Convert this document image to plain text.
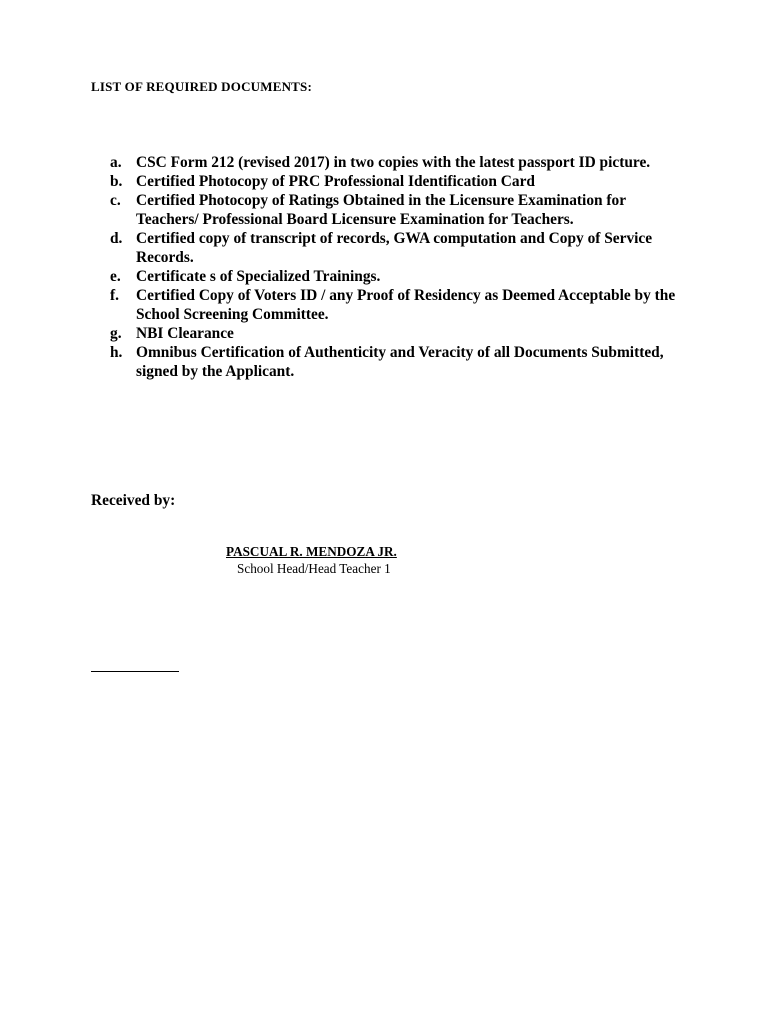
LIST OF REQUIRED DOCUMENTS:
a. CSC Form 212 (revised 2017) in two copies with the latest passport ID picture.
b. Certified Photocopy of PRC Professional Identification Card
c. Certified Photocopy of Ratings Obtained in the Licensure Examination for Teachers/ Professional Board Licensure Examination for Teachers.
d. Certified copy of transcript of records, GWA computation and Copy of Service Records.
e. Certificate s of Specialized Trainings.
f.	Certified Copy of Voters ID / any Proof of Residency as Deemed Acceptable by the School Screening Committee.
g. NBI Clearance
h. Omnibus Certification of Authenticity and Veracity of all Documents Submitted, signed by the Applicant.
Received by:
PASCUAL R. MENDOZA JR.
School Head/Head Teacher 1
